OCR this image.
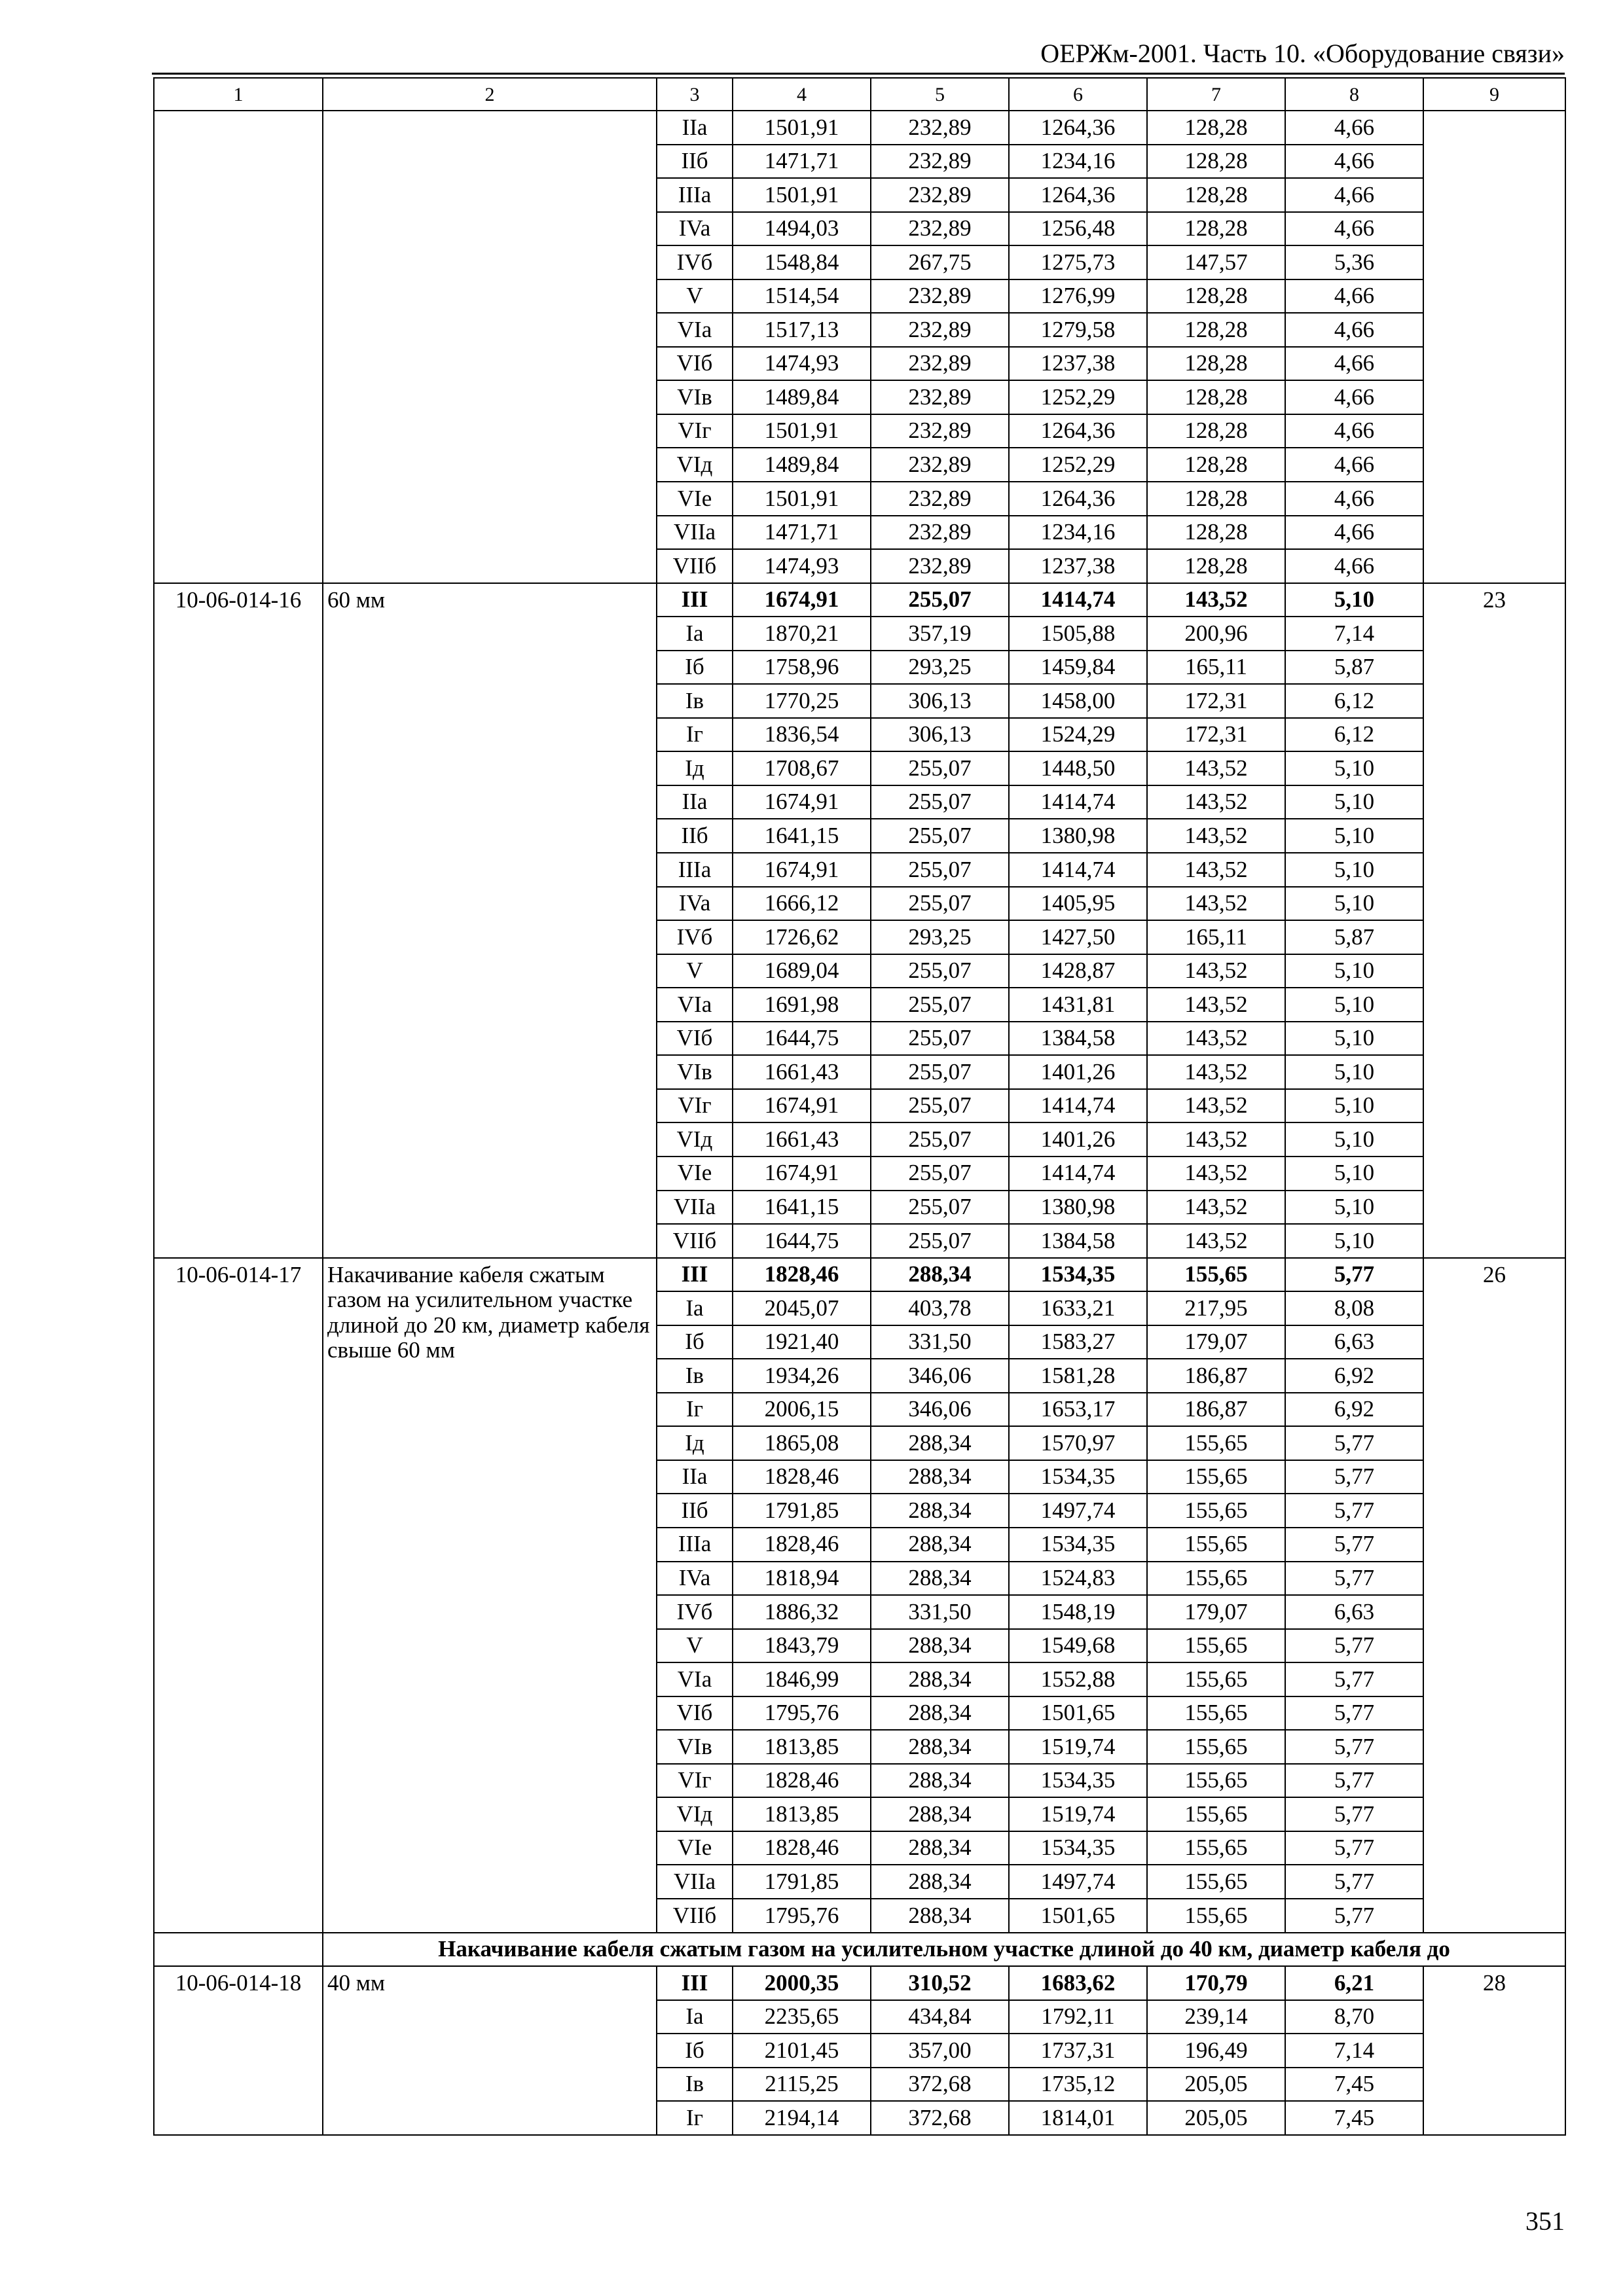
ОЕРЖм-2001. Часть 10. «Оборудование связи»
1	2	3	4	5	6	7	8	9
		IIa	1501,91	232,89	1264,36	128,28	4,66	
		IIб	1471,71	232,89	1234,16	128,28	4,66	
		IIIa	1501,91	232,89	1264,36	128,28	4,66	
		IVa	1494,03	232,89	1256,48	128,28	4,66	
		IVб	1548,84	267,75	1275,73	147,57	5,36	
		V	1514,54	232,89	1276,99	128,28	4,66	
		VIa	1517,13	232,89	1279,58	128,28	4,66	
		VIб	1474,93	232,89	1237,38	128,28	4,66	
		VIв	1489,84	232,89	1252,29	128,28	4,66	
		VIг	1501,91	232,89	1264,36	128,28	4,66	
		VIд	1489,84	232,89	1252,29	128,28	4,66	
		VIе	1501,91	232,89	1264,36	128,28	4,66	
		VIIa	1471,71	232,89	1234,16	128,28	4,66	
		VIIб	1474,93	232,89	1237,38	128,28	4,66	
10-06-014-16	60 мм	III	1674,91	255,07	1414,74	143,52	5,10	23
		Ia	1870,21	357,19	1505,88	200,96	7,14	
		Iб	1758,96	293,25	1459,84	165,11	5,87	
		Iв	1770,25	306,13	1458,00	172,31	6,12	
		Iг	1836,54	306,13	1524,29	172,31	6,12	
		Iд	1708,67	255,07	1448,50	143,52	5,10	
		IIa	1674,91	255,07	1414,74	143,52	5,10	
		IIб	1641,15	255,07	1380,98	143,52	5,10	
		IIIa	1674,91	255,07	1414,74	143,52	5,10	
		IVa	1666,12	255,07	1405,95	143,52	5,10	
		IVб	1726,62	293,25	1427,50	165,11	5,87	
		V	1689,04	255,07	1428,87	143,52	5,10	
		VIa	1691,98	255,07	1431,81	143,52	5,10	
		VIб	1644,75	255,07	1384,58	143,52	5,10	
		VIв	1661,43	255,07	1401,26	143,52	5,10	
		VIг	1674,91	255,07	1414,74	143,52	5,10	
		VIд	1661,43	255,07	1401,26	143,52	5,10	
		VIе	1674,91	255,07	1414,74	143,52	5,10	
		VIIa	1641,15	255,07	1380,98	143,52	5,10	
		VIIб	1644,75	255,07	1384,58	143,52	5,10	
10-06-014-17	Накачивание кабеля сжатым газом на усилительном участке длиной до 20 км, диаметр кабеля свыше 60 мм	III	1828,46	288,34	1534,35	155,65	5,77	26
		Ia	2045,07	403,78	1633,21	217,95	8,08	
		Iб	1921,40	331,50	1583,27	179,07	6,63	
		Iв	1934,26	346,06	1581,28	186,87	6,92	
		Iг	2006,15	346,06	1653,17	186,87	6,92	
		Iд	1865,08	288,34	1570,97	155,65	5,77	
		IIa	1828,46	288,34	1534,35	155,65	5,77	
		IIб	1791,85	288,34	1497,74	155,65	5,77	
		IIIa	1828,46	288,34	1534,35	155,65	5,77	
		IVa	1818,94	288,34	1524,83	155,65	5,77	
		IVб	1886,32	331,50	1548,19	179,07	6,63	
		V	1843,79	288,34	1549,68	155,65	5,77	
		VIa	1846,99	288,34	1552,88	155,65	5,77	
		VIб	1795,76	288,34	1501,65	155,65	5,77	
		VIв	1813,85	288,34	1519,74	155,65	5,77	
		VIг	1828,46	288,34	1534,35	155,65	5,77	
		VIд	1813,85	288,34	1519,74	155,65	5,77	
		VIе	1828,46	288,34	1534,35	155,65	5,77	
		VIIa	1791,85	288,34	1497,74	155,65	5,77	
		VIIб	1795,76	288,34	1501,65	155,65	5,77	
	Накачивание кабеля сжатым газом на усилительном участке длиной до 40 км, диаметр кабеля до							
10-06-014-18	40 мм	III	2000,35	310,52	1683,62	170,79	6,21	28
		Ia	2235,65	434,84	1792,11	239,14	8,70	
		Iб	2101,45	357,00	1737,31	196,49	7,14	
		Iв	2115,25	372,68	1735,12	205,05	7,45	
		Iг	2194,14	372,68	1814,01	205,05	7,45	
351
